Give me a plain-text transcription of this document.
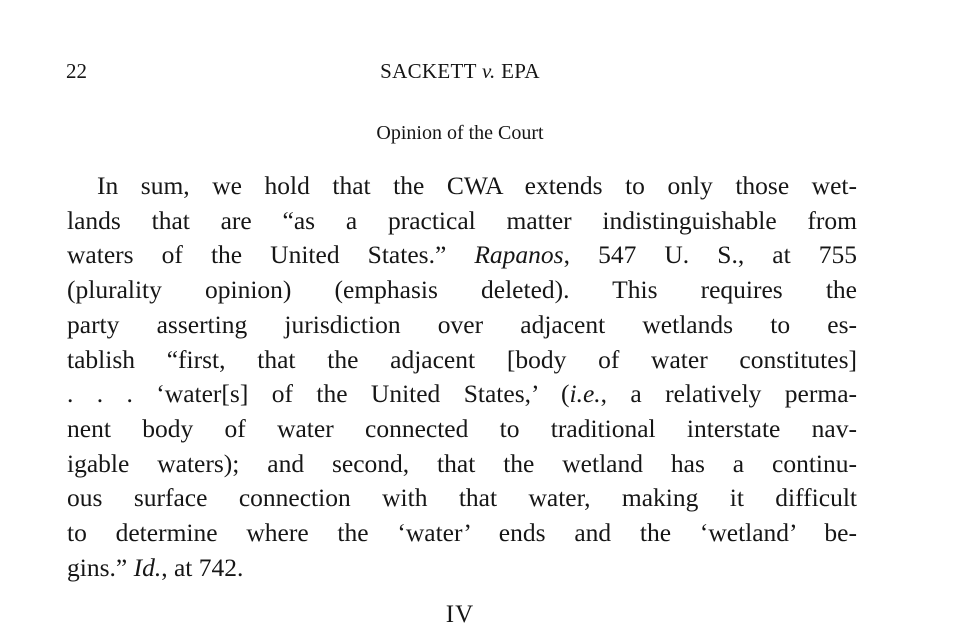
22	SACKETT v. EPA
Opinion of the Court

In sum, we hold that the CWA extends to only those wet-
lands that are “as a practical matter indistinguishable from
waters of the United States.” Rapanos, 547 U. S., at 755
(plurality opinion) (emphasis deleted). This requires the
party asserting jurisdiction over adjacent wetlands to es-
tablish “first, that the adjacent [body of water constitutes]
. . . ‘water[s] of the United States,’ (i.e., a relatively perma-
nent body of water connected to traditional interstate nav-
igable waters); and second, that the wetland has a continu-
ous surface connection with that water, making it difficult
to determine where the ‘water’ ends and the ‘wetland’ be-
gins.” Id., at 742.

IV
